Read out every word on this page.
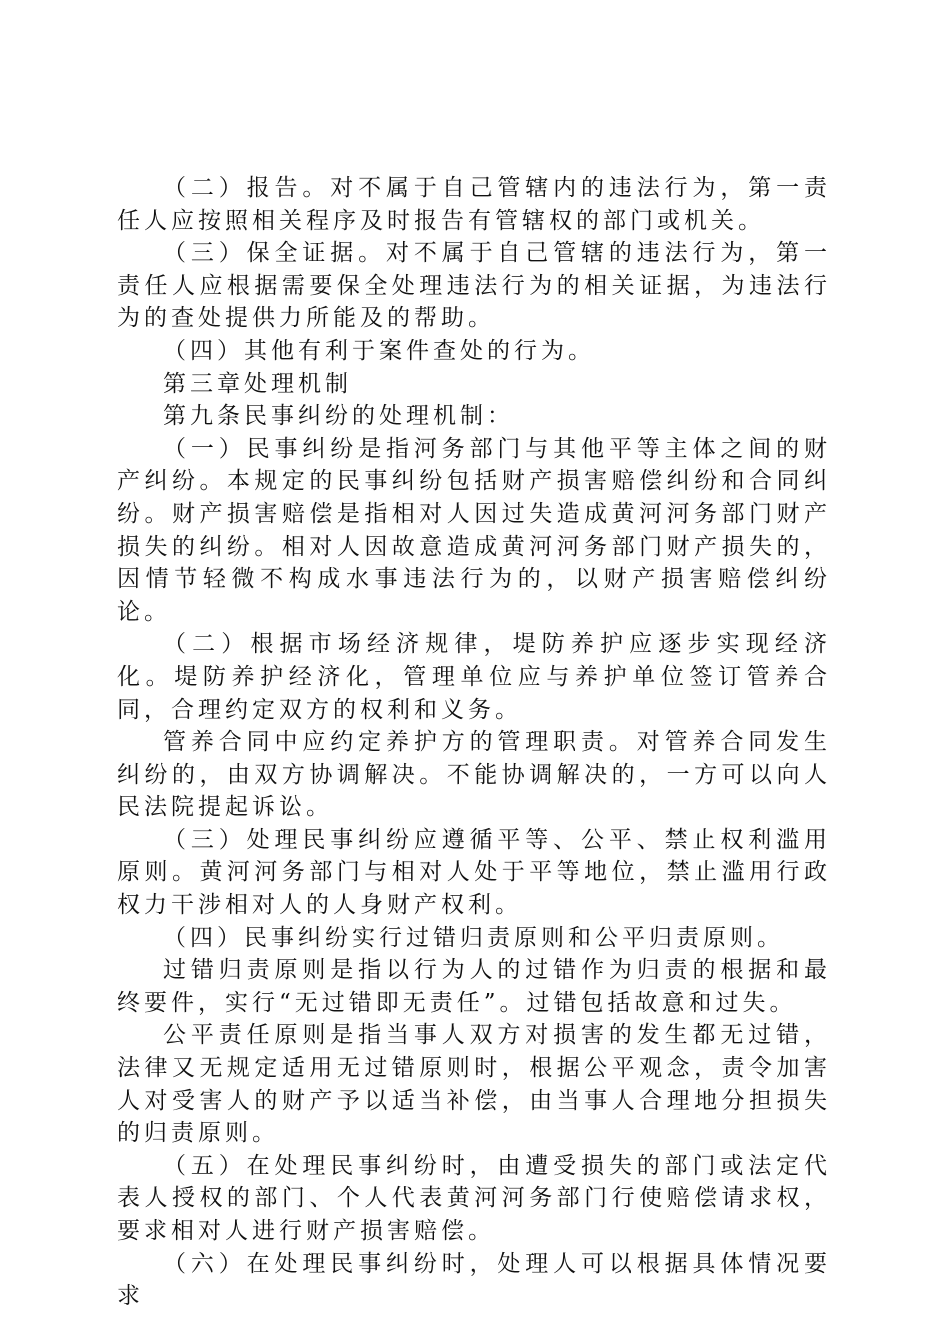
（二）报告。对不属于自己管辖内的违法行为，第一责任人应按照相关程序及时报告有管辖权的部门或机关。

（三）保全证据。对不属于自己管辖的违法行为，第一责任人应根据需要保全处理违法行为的相关证据，为违法行为的查处提供力所能及的帮助。

（四）其他有利于案件查处的行为。

第三章处理机制

第九条民事纠纷的处理机制：

（一）民事纠纷是指河务部门与其他平等主体之间的财产纠纷。本规定的民事纠纷包括财产损害赔偿纠纷和合同纠纷。财产损害赔偿是指相对人因过失造成黄河河务部门财产损失的纠纷。相对人因故意造成黄河河务部门财产损失的，因情节轻微不构成水事违法行为的，以财产损害赔偿纠纷论。

（二）根据市场经济规律，堤防养护应逐步实现经济化。堤防养护经济化，管理单位应与养护单位签订管养合同，合理约定双方的权利和义务。

管养合同中应约定养护方的管理职责。对管养合同发生纠纷的，由双方协调解决。不能协调解决的，一方可以向人民法院提起诉讼。

（三）处理民事纠纷应遵循平等、公平、禁止权利滥用原则。黄河河务部门与相对人处于平等地位，禁止滥用行政权力干涉相对人的人身财产权利。

（四）民事纠纷实行过错归责原则和公平归责原则。

过错归责原则是指以行为人的过错作为归责的根据和最终要件，实行“无过错即无责任”。过错包括故意和过失。

公平责任原则是指当事人双方对损害的发生都无过错，法律又无规定适用无过错原则时，根据公平观念，责令加害人对受害人的财产予以适当补偿，由当事人合理地分担损失的归责原则。

（五）在处理民事纠纷时，由遭受损失的部门或法定代表人授权的部门、个人代表黄河河务部门行使赔偿请求权，要求相对人进行财产损害赔偿。

（六）在处理民事纠纷时，处理人可以根据具体情况要求
